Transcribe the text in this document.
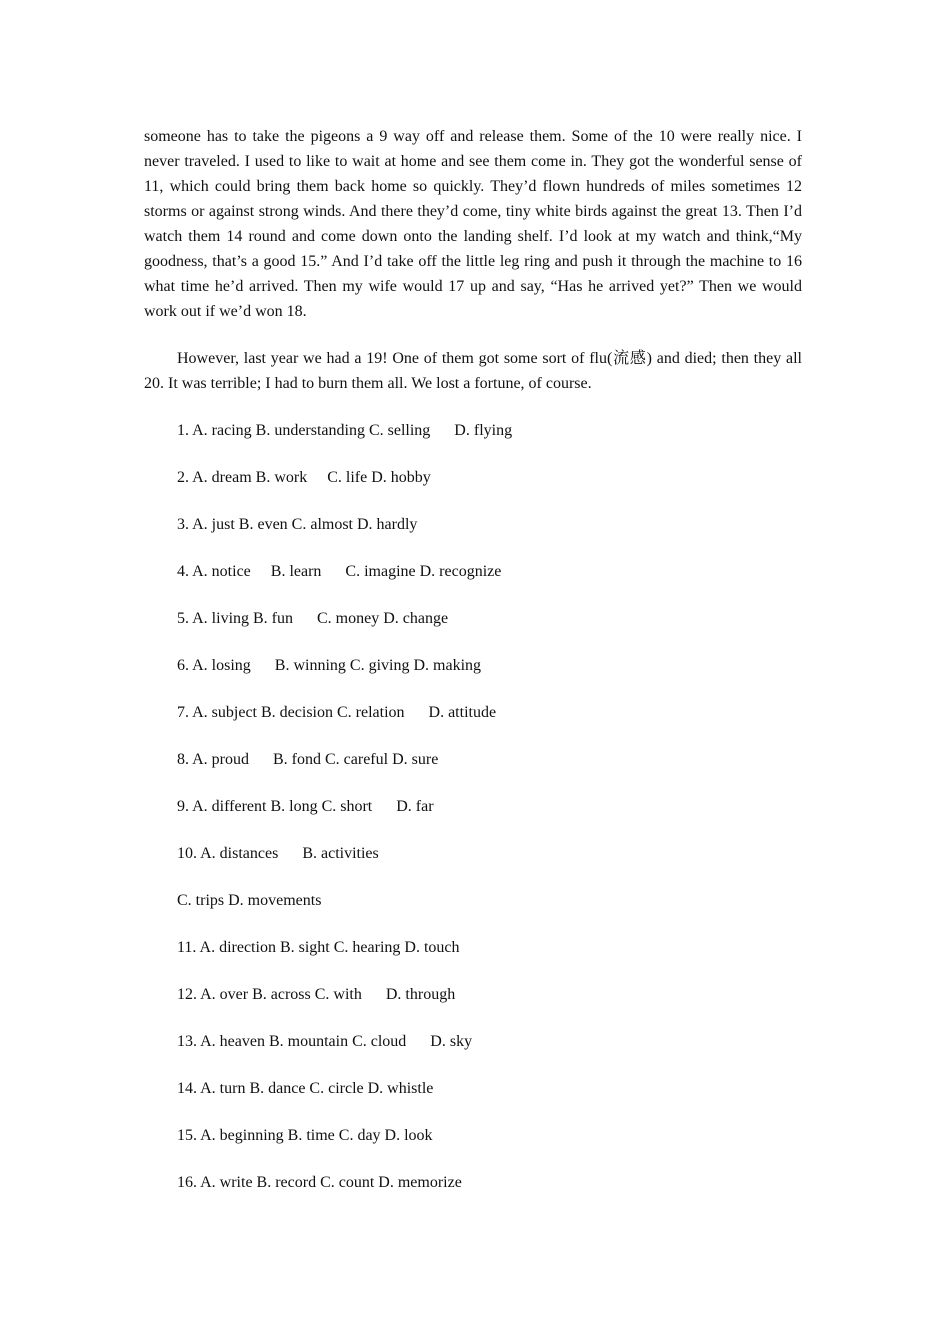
someone has to take the pigeons a 9 way off and release them. Some of the 10 were really nice. I never traveled. I used to like to wait at home and see them come in. They got the wonderful sense of 11, which could bring them back home so quickly. They’d flown hundreds of miles sometimes 12 storms or against strong winds. And there they’d come, tiny white birds against the great 13. Then I’d watch them 14 round and come down onto the landing shelf. I’d look at my watch and think,“My goodness, that’s a good 15.” And I’d take off the little leg ring and push it through the machine to 16 what time he’d arrived. Then my wife would 17 up and say, “Has he arrived yet?” Then we would work out if we’d won 18.

However, last year we had a 19! One of them got some sort of flu(流感) and died; then they all 20. It was terrible; I had to burn them all. We lost a fortune, of course.

1. A. racing B. understanding C. selling      D. flying

2. A. dream B. work     C. life D. hobby

3. A. just B. even C. almost D. hardly

4. A. notice     B. learn      C. imagine D. recognize

5. A. living B. fun      C. money D. change

6. A. losing      B. winning C. giving D. making

7. A. subject B. decision C. relation      D. attitude

8. A. proud      B. fond C. careful D. sure

9. A. different B. long C. short      D. far

10. A. distances      B. activities

C. trips D. movements

11. A. direction B. sight C. hearing D. touch

12. A. over B. across C. with      D. through

13. A. heaven B. mountain C. cloud      D. sky

14. A. turn B. dance C. circle D. whistle

15. A. beginning B. time C. day D. look

16. A. write B. record C. count D. memorize
